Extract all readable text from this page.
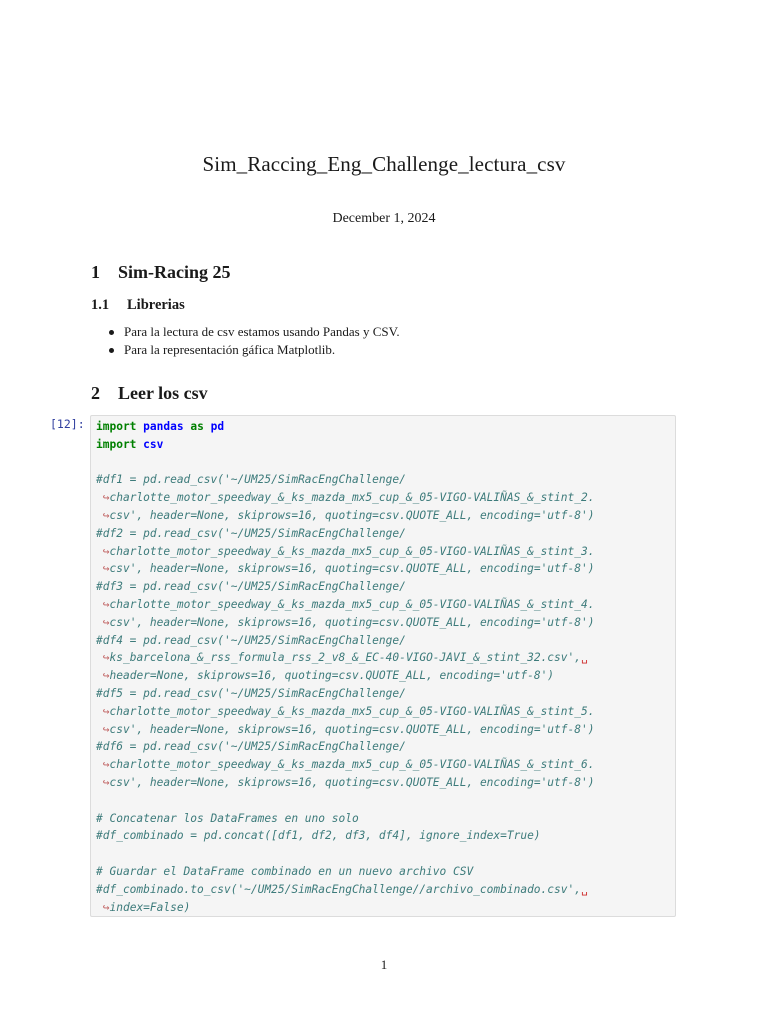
Sim_Raccing_Eng_Challenge_lectura_csv
December 1, 2024
1 Sim-Racing 25
1.1 Librerias
Para la lectura de csv estamos usando Pandas y CSV.
Para la representación gáfica Matplotlib.
2 Leer los csv
[12]: import pandas as pd
import csv

#df1 = pd.read_csv('~/UM25/SimRacEngChallenge/
↪charlotte_motor_speedway_&_ks_mazda_mx5_cup_&_05-VIGO-VALIÑAS_&_stint_2.
↪csv', header=None, skiprows=16, quoting=csv.QUOTE_ALL, encoding='utf-8')
#df2 = pd.read_csv('~/UM25/SimRacEngChallenge/
↪charlotte_motor_speedway_&_ks_mazda_mx5_cup_&_05-VIGO-VALIÑAS_&_stint_3.
↪csv', header=None, skiprows=16, quoting=csv.QUOTE_ALL, encoding='utf-8')
#df3 = pd.read_csv('~/UM25/SimRacEngChallenge/
↪charlotte_motor_speedway_&_ks_mazda_mx5_cup_&_05-VIGO-VALIÑAS_&_stint_4.
↪csv', header=None, skiprows=16, quoting=csv.QUOTE_ALL, encoding='utf-8')
#df4 = pd.read_csv('~/UM25/SimRacEngChallenge/
↪ks_barcelona_&_rss_formula_rss_2_v8_&_EC-40-VIGO-JAVI_&_stint_32.csv',␣
↪header=None, skiprows=16, quoting=csv.QUOTE_ALL, encoding='utf-8')
#df5 = pd.read_csv('~/UM25/SimRacEngChallenge/
↪charlotte_motor_speedway_&_ks_mazda_mx5_cup_&_05-VIGO-VALIÑAS_&_stint_5.
↪csv', header=None, skiprows=16, quoting=csv.QUOTE_ALL, encoding='utf-8')
#df6 = pd.read_csv('~/UM25/SimRacEngChallenge/
↪charlotte_motor_speedway_&_ks_mazda_mx5_cup_&_05-VIGO-VALIÑAS_&_stint_6.
↪csv', header=None, skiprows=16, quoting=csv.QUOTE_ALL, encoding='utf-8')

# Concatenar los DataFrames en uno solo
#df_combinado = pd.concat([df1, df2, df3, df4], ignore_index=True)

# Guardar el DataFrame combinado en un nuevo archivo CSV
#df_combinado.to_csv('~/UM25/SimRacEngChallenge//archivo_combinado.csv',␣
↪index=False)
1
